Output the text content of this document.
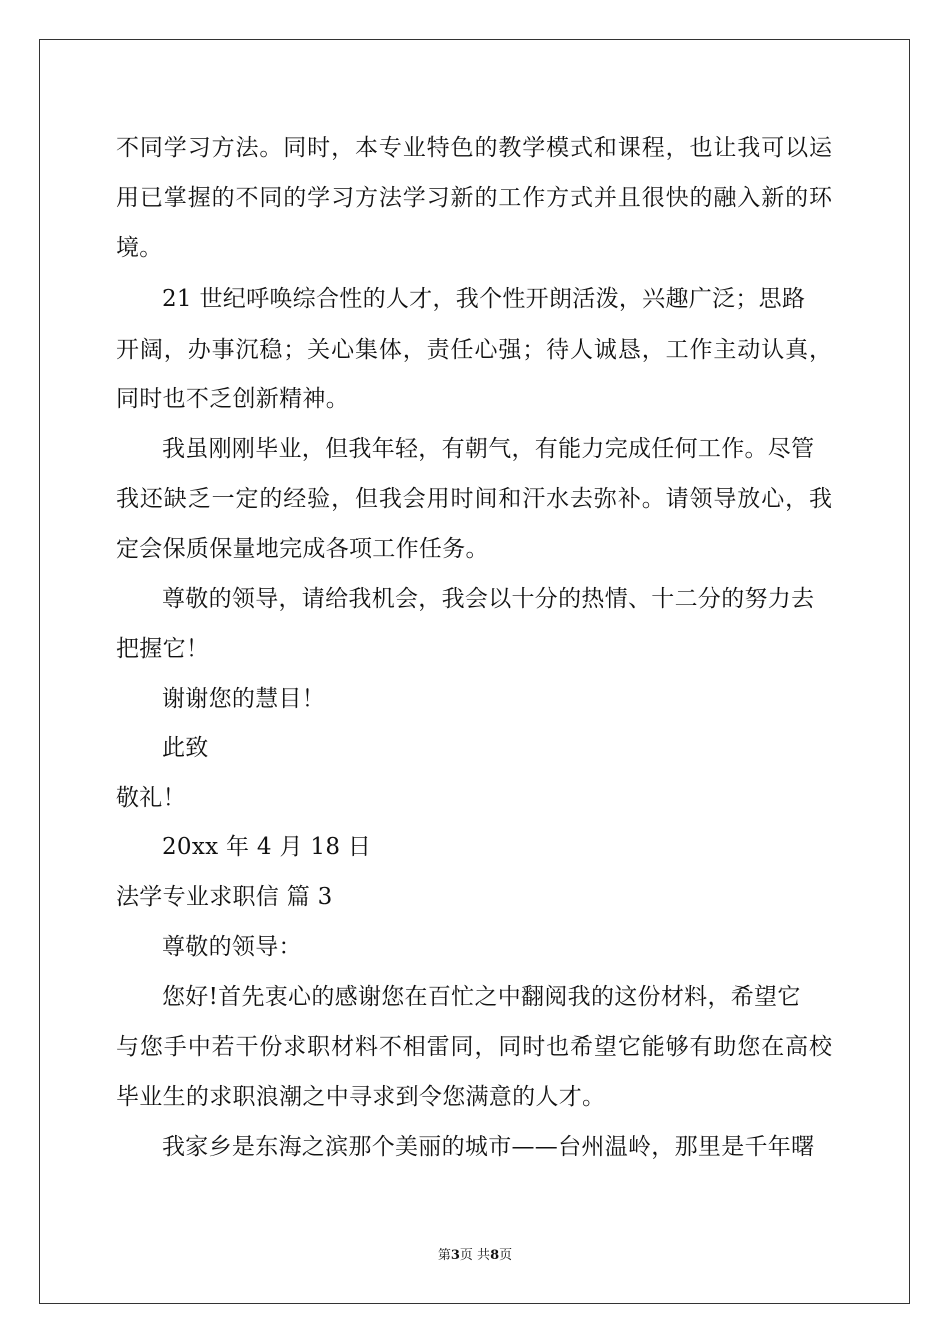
不同学习方法。同时，本专业特色的教学模式和课程，也让我可以运
用已掌握的不同的学习方法学习新的工作方式并且很快的融入新的环
境。
21 世纪呼唤综合性的人才，我个性开朗活泼，兴趣广泛；思路
开阔，办事沉稳；关心集体，责任心强；待人诚恳，工作主动认真，
同时也不乏创新精神。
我虽刚刚毕业，但我年轻，有朝气，有能力完成任何工作。尽管
我还缺乏一定的经验，但我会用时间和汗水去弥补。请领导放心，我
定会保质保量地完成各项工作任务。
尊敬的领导，请给我机会，我会以十分的热情、十二分的努力去
把握它！
谢谢您的慧目！
此致
敬礼！
20xx 年 4 月 18 日
法学专业求职信 篇 3
尊敬的领导：
您好!首先衷心的感谢您在百忙之中翻阅我的这份材料，希望它
与您手中若干份求职材料不相雷同，同时也希望它能够有助您在高校
毕业生的求职浪潮之中寻求到令您满意的人才。
我家乡是东海之滨那个美丽的城市——台州温岭，那里是千年曙
第3页 共8页
